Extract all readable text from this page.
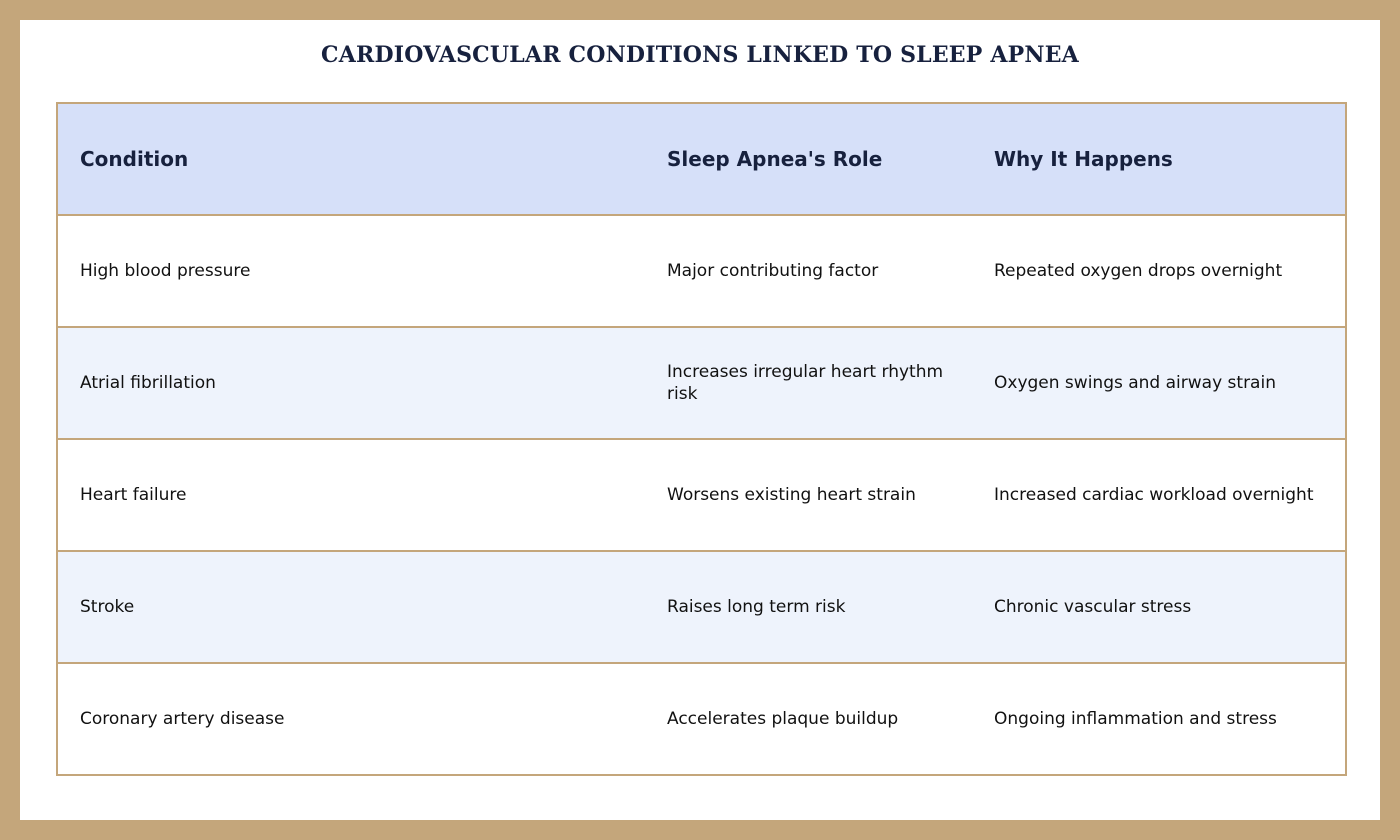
CARDIOVASCULAR CONDITIONS LINKED TO SLEEP APNEA
Condition	Sleep Apnea's Role	Why It Happens
High blood pressure	Major contributing factor	Repeated oxygen drops overnight
Atrial fibrillation	Increases irregular heart rhythm risk	Oxygen swings and airway strain
Heart failure	Worsens existing heart strain	Increased cardiac workload overnight
Stroke	Raises long term risk	Chronic vascular stress
Coronary artery disease	Accelerates plaque buildup	Ongoing inflammation and stress
